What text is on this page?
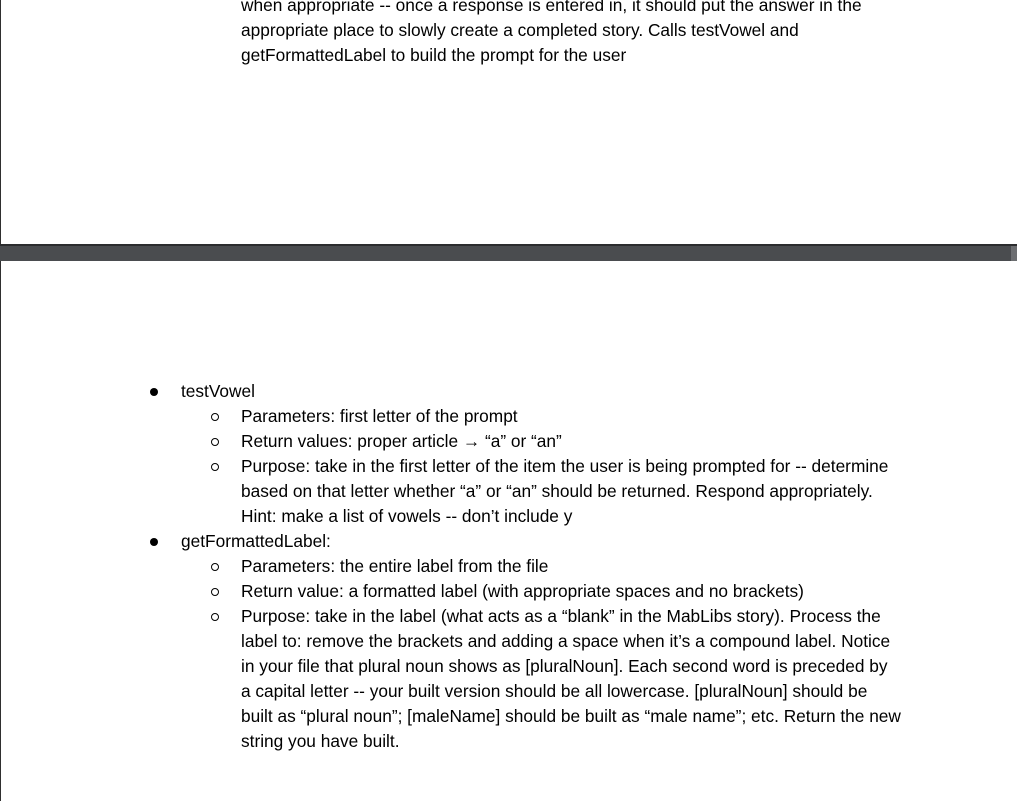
when appropriate -- once a response is entered in, it should put the answer in the
appropriate place to slowly create a completed story. Calls testVowel and
getFormattedLabel to build the prompt for the user

testVowel

Parameters: first letter of the prompt

Return values: proper article → “a” or “an”

Purpose: take in the first letter of the item the user is being prompted for -- determine based on that letter whether “a” or “an” should be returned. Respond appropriately. Hint: make a list of vowels -- don’t include y

getFormattedLabel:

Parameters: the entire label from the file

Return value: a formatted label (with appropriate spaces and no brackets)

Purpose: take in the label (what acts as a “blank” in the MabLibs story). Process the label to: remove the brackets and adding a space when it’s a compound label. Notice in your file that plural noun shows as [pluralNoun]. Each second word is preceded by a capital letter -- your built version should be all lowercase. [pluralNoun] should be built as “plural noun”; [maleName] should be built as “male name”; etc. Return the new string you have built.
